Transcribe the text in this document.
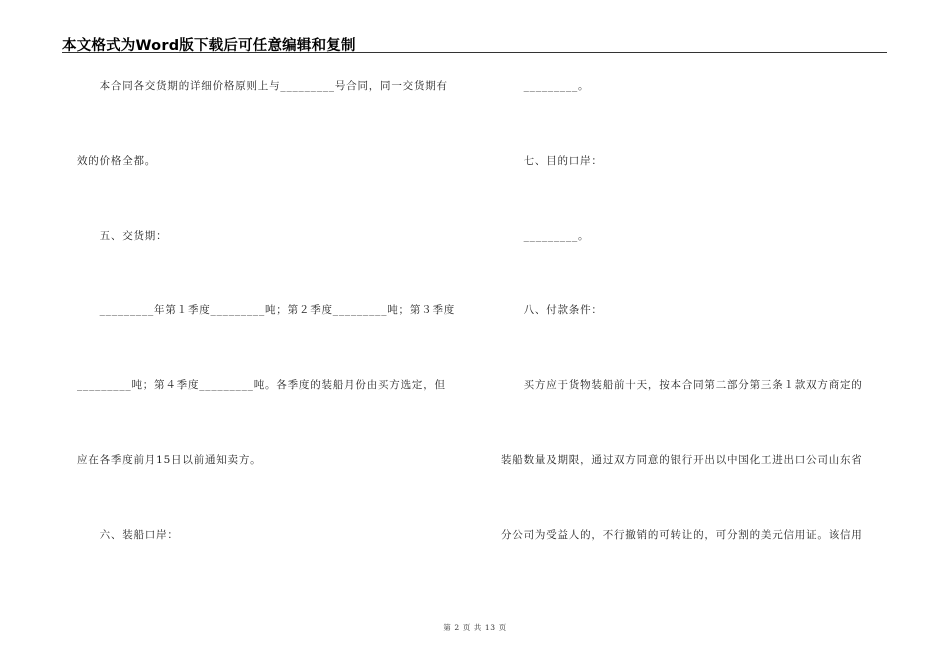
本文格式为Word版下载后可任意编辑和复制
　　本合同各交货期的详细价格原则上与_________号合同，同一交货期有
效的价格全都。
　　五、交货期：
　　_________年第１季度_________吨；第２季度_________吨；第３季度
_________吨；第４季度_________吨。各季度的装船月份由买方选定，但
应在各季度前月15日以前通知卖方。
　　六、装船口岸：
　　_________。
　　七、目的口岸：
　　_________。
　　八、付款条件：
　　买方应于货物装船前十天，按本合同第二部分第三条１款双方商定的
装船数量及期限，通过双方同意的银行开出以中国化工进出口公司山东省
分公司为受益人的，不行撤销的可转让的，可分割的美元信用证。该信用
第 2 页 共 13 页
